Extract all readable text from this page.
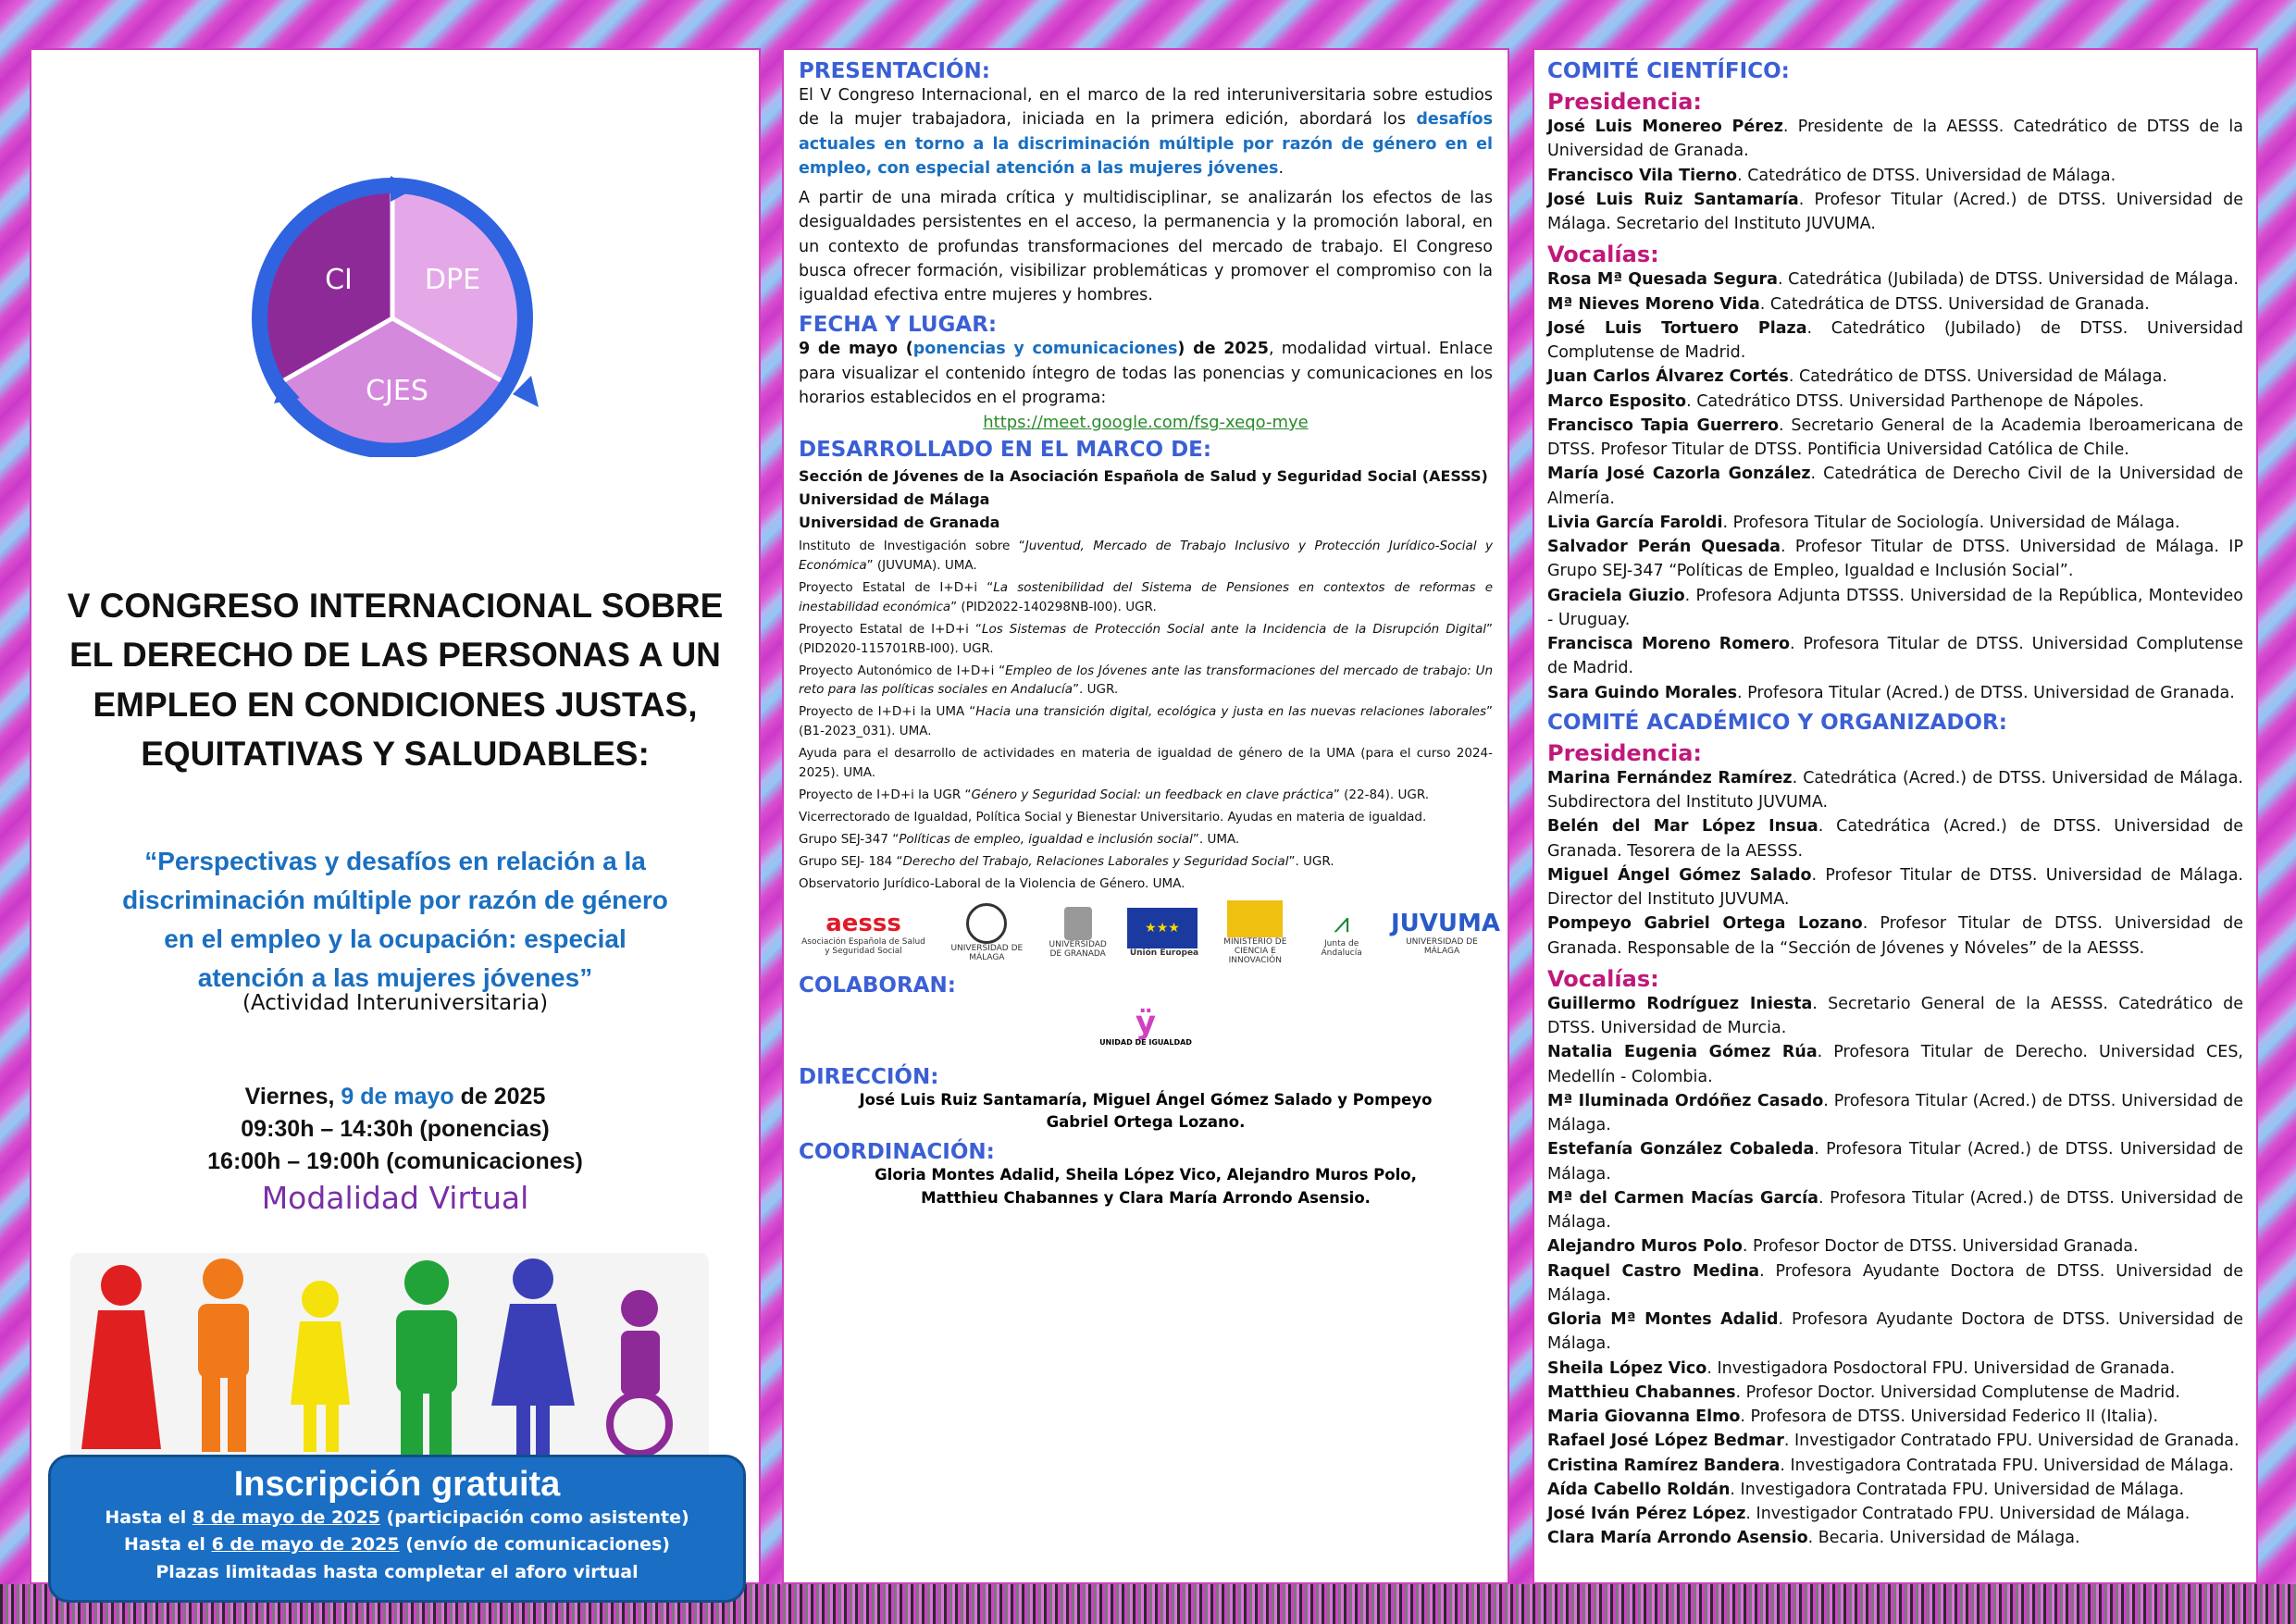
CI	DPE
CJES
V CONGRESO INTERNACIONAL SOBRE
EL DERECHO DE LAS PERSONAS A UN
EMPLEO EN CONDICIONES JUSTAS,
EQUITATIVAS Y SALUDABLES:
“Perspectivas y desafíos en relación a la
discriminación múltiple por razón de género
en el empleo y la ocupación: especial
atención a las mujeres jóvenes”
(Actividad Interuniversitaria)
Viernes, 9 de mayo de 2025
09:30h – 14:30h (ponencias)
16:00h – 19:00h (comunicaciones)
Modalidad Virtual
Inscripción gratuita
Hasta el 8 de mayo de 2025 (participación como asistente)
Hasta el 6 de mayo de 2025 (envío de comunicaciones)
Plazas limitadas hasta completar el aforo virtual
PRESENTACIÓN:

El V Congreso Internacional, en el marco de la red interuniversitaria sobre estudios de la mujer trabajadora, iniciada en la primera edición, abordará los desafíos actuales en torno a la discriminación múltiple por razón de género en el empleo, con especial atención a las mujeres jóvenes.

A partir de una mirada crítica y multidisciplinar, se analizarán los efectos de las desigualdades persistentes en el acceso, la permanencia y la promoción laboral, en un contexto de profundas transformaciones del mercado de trabajo. El Congreso busca ofrecer formación, visibilizar problemáticas y promover el compromiso con la igualdad efectiva entre mujeres y hombres.

FECHA Y LUGAR:

9 de mayo (ponencias y comunicaciones) de 2025, modalidad virtual. Enlace para visualizar el contenido íntegro de todas las ponencias y comunicaciones en los horarios establecidos en el programa:

https://meet.google.com/fsg-xeqo-mye
DESARROLLADO EN EL MARCO DE:
Sección de Jóvenes de la Asociación Española de Salud y Seguridad Social (AESSS)
Universidad de Málaga
Universidad de Granada

Instituto de Investigación sobre “Juventud, Mercado de Trabajo Inclusivo y Protección Jurídico-Social y Económica” (JUVUMA). UMA.

Proyecto Estatal de I+D+i “La sostenibilidad del Sistema de Pensiones en contextos de reformas e inestabilidad económica” (PID2022-140298NB-I00). UGR.

Proyecto Estatal de I+D+i “Los Sistemas de Protección Social ante la Incidencia de la Disrupción Digital” (PID2020-115701RB-I00). UGR.

Proyecto Autonómico de I+D+i “Empleo de los Jóvenes ante las transformaciones del mercado de trabajo: Un reto para las políticas sociales en Andalucía”. UGR.

Proyecto de I+D+i la UMA “Hacia una transición digital, ecológica y justa en las nuevas relaciones laborales” (B1-2023_031). UMA.

Ayuda para el desarrollo de actividades en materia de igualdad de género de la UMA (para el curso 2024-2025). UMA.

Proyecto de I+D+i la UGR “Género y Seguridad Social: un feedback en clave práctica” (22-84). UGR.

Vicerrectorado de Igualdad, Política Social y Bienestar Universitario. Ayudas en materia de igualdad.

Grupo SEJ-347 “Políticas de empleo, igualdad e inclusión social”. UMA.

Grupo SEJ- 184 “Derecho del Trabajo, Relaciones Laborales y Seguridad Social”. UGR.

Observatorio Jurídico-Laboral de la Violencia de Género. UMA.

aesss
Asociación Española de Salud y Seguridad Social	UNIVERSIDAD DE MÁLAGA
UNIVERSIDAD DE GRANADA
★★★
Unión Europea
MINISTERIO DE CIENCIA E INNOVACIÓN
⩘
Junta de Andalucía
JUVUMA
UNIVERSIDAD DE MÁLAGA
COLABORAN:
ÿ
UNIDAD DE IGUALDAD
DIRECCIÓN:

José Luis Ruiz Santamaría, Miguel Ángel Gómez Salado y Pompeyo Gabriel Ortega Lozano.

COORDINACIÓN:

Gloria Montes Adalid, Sheila López Vico, Alejandro Muros Polo, Matthieu Chabannes y Clara María Arrondo Asensio.

COMITÉ CIENTÍFICO:
Presidencia:
José Luis Monereo Pérez. Presidente de la AESSS. Catedrático de DTSS de la Universidad de Granada.
Francisco Vila Tierno. Catedrático de DTSS. Universidad de Málaga.
José Luis Ruiz Santamaría. Profesor Titular (Acred.) de DTSS. Universidad de Málaga. Secretario del Instituto JUVUMA.
Vocalías:
Rosa Mª Quesada Segura. Catedrática (Jubilada) de DTSS. Universidad de Málaga.
Mª Nieves Moreno Vida. Catedrática de DTSS. Universidad de Granada.
José Luis Tortuero Plaza. Catedrático (Jubilado) de DTSS. Universidad Complutense de Madrid.
Juan Carlos Álvarez Cortés. Catedrático de DTSS. Universidad de Málaga.
Marco Esposito. Catedrático DTSS. Universidad Parthenope de Nápoles.
Francisco Tapia Guerrero. Secretario General de la Academia Iberoamericana de DTSS. Profesor Titular de DTSS. Pontificia Universidad Católica de Chile.
María José Cazorla González. Catedrática de Derecho Civil de la Universidad de Almería.
Livia García Faroldi. Profesora Titular de Sociología. Universidad de Málaga.
Salvador Perán Quesada. Profesor Titular de DTSS. Universidad de Málaga. IP Grupo SEJ-347 “Políticas de Empleo, Igualdad e Inclusión Social”.
Graciela Giuzio. Profesora Adjunta DTSSS. Universidad de la República, Montevideo - Uruguay.
Francisca Moreno Romero. Profesora Titular de DTSS. Universidad Complutense de Madrid.
Sara Guindo Morales. Profesora Titular (Acred.) de DTSS. Universidad de Granada.
COMITÉ ACADÉMICO Y ORGANIZADOR:
Presidencia:
Marina Fernández Ramírez. Catedrática (Acred.) de DTSS. Universidad de Málaga. Subdirectora del Instituto JUVUMA.
Belén del Mar López Insua. Catedrática (Acred.) de DTSS. Universidad de Granada. Tesorera de la AESSS.
Miguel Ángel Gómez Salado. Profesor Titular de DTSS. Universidad de Málaga. Director del Instituto JUVUMA.
Pompeyo Gabriel Ortega Lozano. Profesor Titular de DTSS. Universidad de Granada. Responsable de la “Sección de Jóvenes y Nóveles” de la AESSS.
Vocalías:
Guillermo Rodríguez Iniesta. Secretario General de la AESSS. Catedrático de DTSS. Universidad de Murcia.
Natalia Eugenia Gómez Rúa. Profesora Titular de Derecho. Universidad CES, Medellín - Colombia.
Mª Iluminada Ordóñez Casado. Profesora Titular (Acred.) de DTSS. Universidad de Málaga.
Estefanía González Cobaleda. Profesora Titular (Acred.) de DTSS. Universidad de Málaga.
Mª del Carmen Macías García. Profesora Titular (Acred.) de DTSS. Universidad de Málaga.
Alejandro Muros Polo. Profesor Doctor de DTSS. Universidad Granada.
Raquel Castro Medina. Profesora Ayudante Doctora de DTSS. Universidad de Málaga.
Gloria Mª Montes Adalid. Profesora Ayudante Doctora de DTSS. Universidad de Málaga.
Sheila López Vico. Investigadora Posdoctoral FPU. Universidad de Granada.
Matthieu Chabannes. Profesor Doctor. Universidad Complutense de Madrid.
Maria Giovanna Elmo. Profesora de DTSS. Universidad Federico II (Italia).
Rafael José López Bedmar. Investigador Contratado FPU. Universidad de Granada.
Cristina Ramírez Bandera. Investigadora Contratada FPU. Universidad de Málaga.
Aída Cabello Roldán. Investigadora Contratada FPU. Universidad de Málaga.
José Iván Pérez López. Investigador Contratado FPU. Universidad de Málaga.
Clara María Arrondo Asensio. Becaria. Universidad de Málaga.
